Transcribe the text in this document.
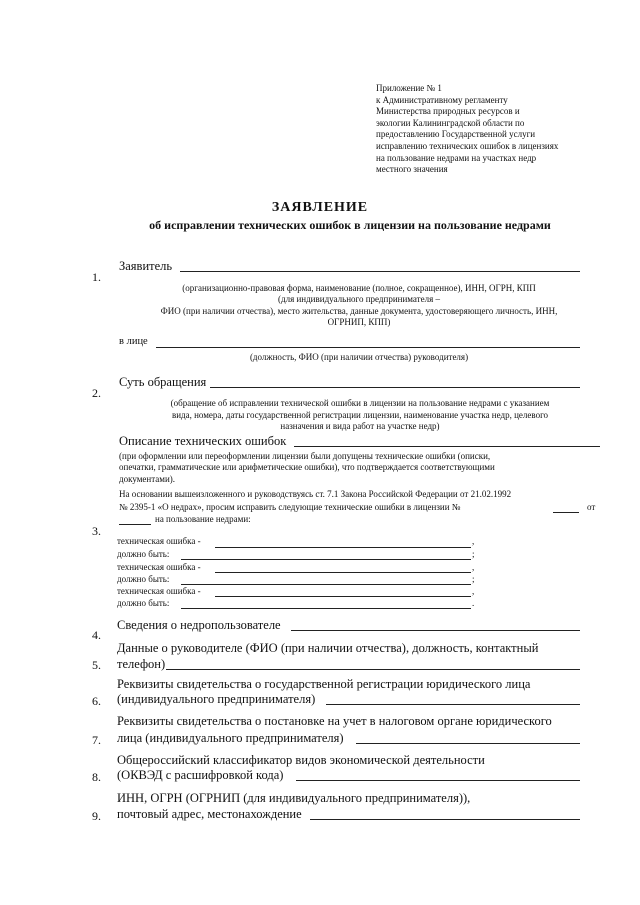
Приложение № 1
к Административному регламенту
Министерства природных ресурсов и
экологии Калининградской области по
предоставлению Государственной услуги
исправлению технических ошибок в лицензиях
на пользование недрами на участках недр
местного значения
ЗАЯВЛЕНИЕ
об исправлении технических ошибок в лицензии на пользование недрами
1.
Заявитель
(организационно-правовая форма, наименование (полное, сокращенное), ИНН, ОГРН, КПП
(для индивидуального предпринимателя –
ФИО (при наличии отчества), место жительства, данные документа, удостоверяющего личность, ИНН,
ОГРНИП, КПП)
в лице
(должность, ФИО (при наличии отчества) руководителя)
2.
Суть обращения
(обращение об исправлении технической ошибки в лицензии на пользование недрами с указанием
вида, номера, даты государственной регистрации лицензии, наименование участка недр, целевого
назначения и вида работ на участке недр)
Описание технических ошибок
(при оформлении или переоформлении лицензии были допущены технические ошибки (описки,
опечатки, грамматические или арифметические ошибки), что подтверждается соответствующими
документами).
На основании вышеизложенного и руководствуясь ст. 7.1 Закона Российской Федерации от 21.02.1992
№ 2395-1 «О недрах», просим исправить следующие технические ошибки в лицензии №	от
на пользование недрами:
3.
техническая ошибка -	,
должно быть:	;
техническая ошибка -	,
должно быть:	;
техническая ошибка -	,
должно быть:	.
4.
Сведения о недропользователе
Данные о руководителе (ФИО (при наличии отчества), должность, контактный
5. телефон)
Реквизиты свидетельства о государственной регистрации юридического лица
6. (индивидуального предпринимателя)
Реквизиты свидетельства о постановке на учет в налоговом органе юридического
7. лица (индивидуального предпринимателя)
Общероссийский классификатор видов экономической деятельности
8. (ОКВЭД с расшифровкой кода)
ИНН, ОГРН (ОГРНИП (для индивидуального предпринимателя)),
9. почтовый адрес, местонахождение
